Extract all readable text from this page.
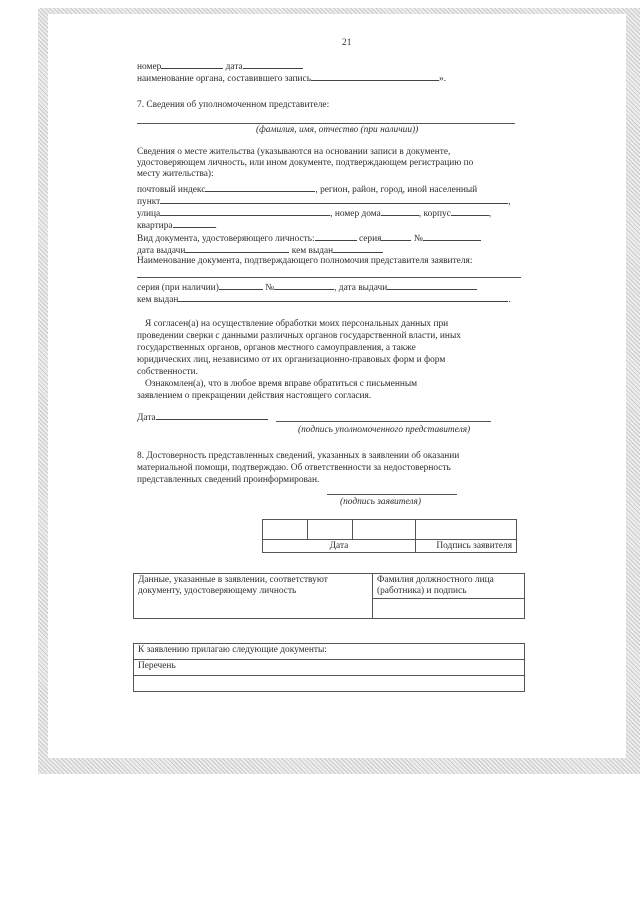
21
номер	дата
наименование органа, составившего запись	».
7. Сведения об уполномоченном представителе:
(фамилия, имя, отчество (при наличии))
Сведения о месте жительства (указываются на основании записи в документе,
удостоверяющем личность, или ином документе, подтверждающем регистрацию по
месту жительства):
почтовый индекс	, регион, район, город, иной населенный
пункт	,
улица	, номер дома	, корпус	,
квартира	.
Вид документа, удостоверяющего личность:	серия	№
дата выдачи	кем выдан
Наименование документа, подтверждающего полномочия представителя заявителя:
серия (при наличии)	№	, дата выдачи
кем выдан	.
Я согласен(а) на осуществление обработки моих персональных данных при
проведении сверки с данными различных органов государственной власти, иных
государственных органов, органов местного самоуправления, а также
юридических лиц, независимо от их организационно-правовых форм и форм
собственности.
Ознакомлен(а), что в любое время вправе обратиться с письменным
заявлением о прекращении действия настоящего согласия.
Дата
(подпись уполномоченного представителя)
8. Достоверность представленных сведений, указанных в заявлении об оказании
материальной помощи, подтверждаю. Об ответственности за недостоверность
представленных сведений проинформирован.
(подпись заявителя)

Дата			Подпись заявителя
Данные, указанные в заявлении, соответствуют документу, удостоверяющему личность	Фамилия должностного лица (работника) и подпись

К заявлению прилагаю следующие документы:
Перечень
